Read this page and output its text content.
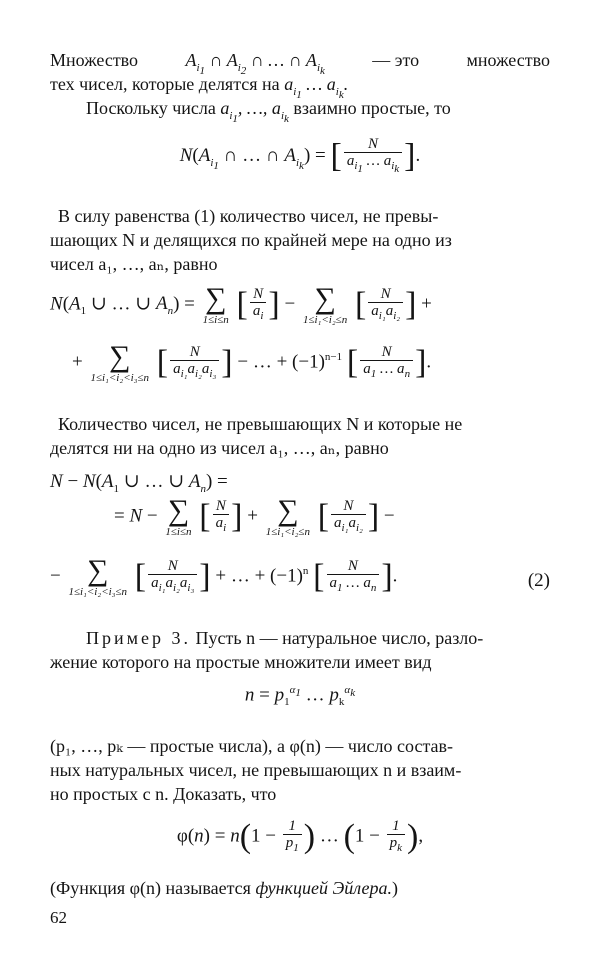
Множество	$A_{i_1}$ ∩ $A_{i_2}$ ∩ … ∩ $A_{i_k}$
— это	множество
тех чисел, которые делятся на $a_{i_1}$ … $a_{i_k}$.
Поскольку числа $a_{i_1}$, …, $a_{i_k}$ взаимно простые, то
$N(A_{i_1}$ ∩ … ∩ $A_{i_k}$) = [ $\frac{N}{a_{i_1} \dots a_{i_k}}$ ].
В силу равенства (1) количество чисел, не превы-
шающих N и делящихся по крайней мере на одно из
чисел a₁, …, aₙ, равно
$N(A_1$ ∪ … ∪ $A_n$) = ∑
1≤i≤n [ $\frac{N}{a_i}$ ] − ∑
1≤i₁<i₂≤n [ $\frac{N}{a_{i_1}a_{i_2}}$ ] +
+ ∑
1≤i₁<i₂<i₃≤n [ $\frac{N}{a_{i_1}a_{i_2}a_{i_3}}$ ] − … + $(-1)^{n-1}$ [ $\frac{N}{a_1 \dots a_n}$ ].
Количество чисел, не превышающих N и которые не
делятся ни на одно из чисел a₁, …, aₙ, равно
$N - N(A_1$ ∪ … ∪ $A_n$) =
= N − ∑
1≤i≤n [ $\frac{N}{a_i}$ ] + ∑
1≤i₁<i₂≤n [ $\frac{N}{a_{i_1}a_{i_2}}$ ] −
− ∑
1≤i₁<i₂<i₃≤n [ $\frac{N}{a_{i_1}a_{i_2}a_{i_3}}$ ] + … + $(-1)^n$ [ $\frac{N}{a_1 \dots a_n}$ ].	(2)
Пример 3. Пусть n — натуральное число, разло-
жение которого на простые множители имеет вид
$n = p_1^{\alpha_1}$ … $p_k^{\alpha_k}$
(p₁, …, pₖ — простые числа), а φ(n) — число состав-
ных натуральных чисел, не превышающих n и взаим-
но простых с n. Доказать, что
$\varphi(n) = n(1 - \frac{1}{p_1}$ ) … ($1 - \frac{1}{p_k}$ ),
(Функция φ(n) называется функцией Эйлера.)
62
